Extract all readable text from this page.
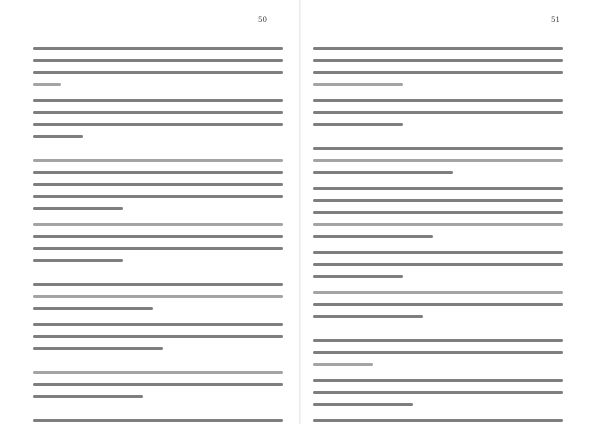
50	51
